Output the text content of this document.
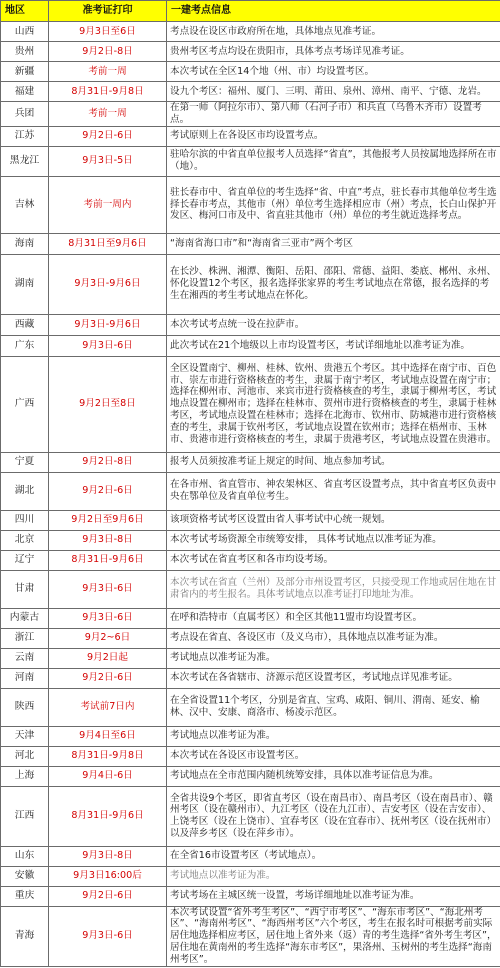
地区	准考证打印	一建考点信息
山西	9月3日至6日	考点设在设区市政府所在地，具体地点见准考证。
贵州	9月2日-8日	贵州考区考点均设在贵阳市，具体考点考场详见准考证。
新疆	考前一周	本次考试在全区14个地（州、市）均设置考区。
福建	8月31日-9月8日	设九个考区：福州、厦门、三明、莆田、泉州、漳州、南平、宁德、龙岩。
兵团	考前一周	在第一师（阿拉尔市）、第八师（石河子市）和兵直（乌鲁木齐市）设置考点。
江苏	9月2日-6日	考试原则上在各设区市均设置考点。
黑龙江	9月3日-5日	驻哈尔滨的中省直单位报考人员选择“省直”，其他报考人员按属地选择所在市（地）。
吉林	考前一周内	驻长春市中、省直单位的考生选择“省、中直”考点，驻长春市其他单位考生选择长春市考点，其他市（州）单位考生选择相应市（州）考点，长白山保护开发区、梅河口市及中、省直驻其他市（州）单位的考生就近选择考点。
海南	8月31日至9月6日	“海南省海口市”和“海南省三亚市”两个考区
湖南	9月3日-9月6日	在长沙、株洲、湘潭、衡阳、岳阳、邵阳、常德、益阳、娄底、郴州、永州、怀化设置12个考区，报名选择张家界的考生考试地点在常德，报名选择的考生在湘西的考生考试地点在怀化。
西藏	9月3日-9月6日	本次考试考点统一设在拉萨市。
广东	9月3日-6日	此次考试在21个地级以上市均设置考区，考试详细地址以准考证为准。
广西	9月2日至8日	全区设置南宁、柳州、桂林、钦州、贵港五个考区。其中选择在南宁市、百色市、崇左市进行资格核查的考生，隶属于南宁考区，考试地点设置在南宁市；选择在柳州市、河池市、来宾市进行资格核查的考生，隶属于柳州考区，考试地点设置在柳州市；选择在桂林市、贺州市进行资格核查的考生，隶属于桂林考区，考试地点设置在桂林市；选择在北海市、钦州市、防城港市进行资格核查的考生，隶属于钦州考区，考试地点设置在钦州市；选择在梧州市、玉林市、贵港市进行资格核查的考生，隶属于贵港考区，考试地点设置在贵港市。
宁夏	9月2日-8日	报考人员须按准考证上规定的时间、地点参加考试。
湖北	9月2日-6日	在各市州、省直管市、神农架林区、省直考区设置考点，其中省直考区负责中央在鄂单位及省直单位考生。
四川	9月2日至9月6日	该项资格考试考区设置由省人事考试中心统一规划。
北京	9月3日-8日	本次考试考场资源全市统筹安排， 具体考试地点以准考证为准。
辽宁	8月31日-9月6日	本次考试在省直考区和各市均设考场。
甘肃	9月3日-6日	本次考试在省直（兰州）及部分市州设置考区，只接受现工作地或居住地在甘肃省内的考生报名。具体考试地点以准考证打印地址为准。
内蒙古	9月3日-6日	在呼和浩特市（直属考区）和全区其他11盟市均设置考区。
浙江	9月2~6日	考点设在省直、各设区市（及义乌市），具体地点以准考证为准。
云南	9月2日起	考试地点以准考证为准。
河南	9月2日-6日	本次考试在各省辖市、济源示范区设置考区，考试地点详见准考证。
陕西	考试前7日内	在全省设置11个考区，分别是省直、宝鸡、咸阳、铜川、渭南、延安、榆林、汉中、安康、商洛市、杨凌示范区。
天津	9月4日至6日	考试地点以准考证为准。
河北	8月31日-9月8日	本次考试在各设区市设置考区。
上海	9月4日-6日	考试地点在全市范围内随机统筹安排，具体以准考证信息为准。
江西	8月31日-9月6日	全省共设9个考区，即省直考区（设在南昌市）、南昌考区（设在南昌市）、赣州考区（设在赣州市）、九江考区（设在九江市）、吉安考区（设在吉安市）、上饶考区（设在上饶市）、宜春考区（设在宜春市）、抚州考区（设在抚州市）以及萍乡考区（设在萍乡市）。
山东	9月3日-8日	在全省16市设置考区（考试地点）。
安徽	9月3日16:00后	考试地点以准考证为准。
重庆	9月2日-6日	考试考场在主城区统一设置，考场详细地址以准考证为准。
青海	9月3日-6日	本次考试设置“省外考生考区”、“西宁市考区”、“海东市考区”、“海北州考区”、“海南州考区”、“海西州考区”六个考区，考生在报名时可根据考前实际居住地选择相应考区，居住地上省外来（返）青的考生选择“省外考生考区”，居住地在黄南州的考生选择“海东市考区”，果洛州、玉树州的考生选择“海南州考区”。
